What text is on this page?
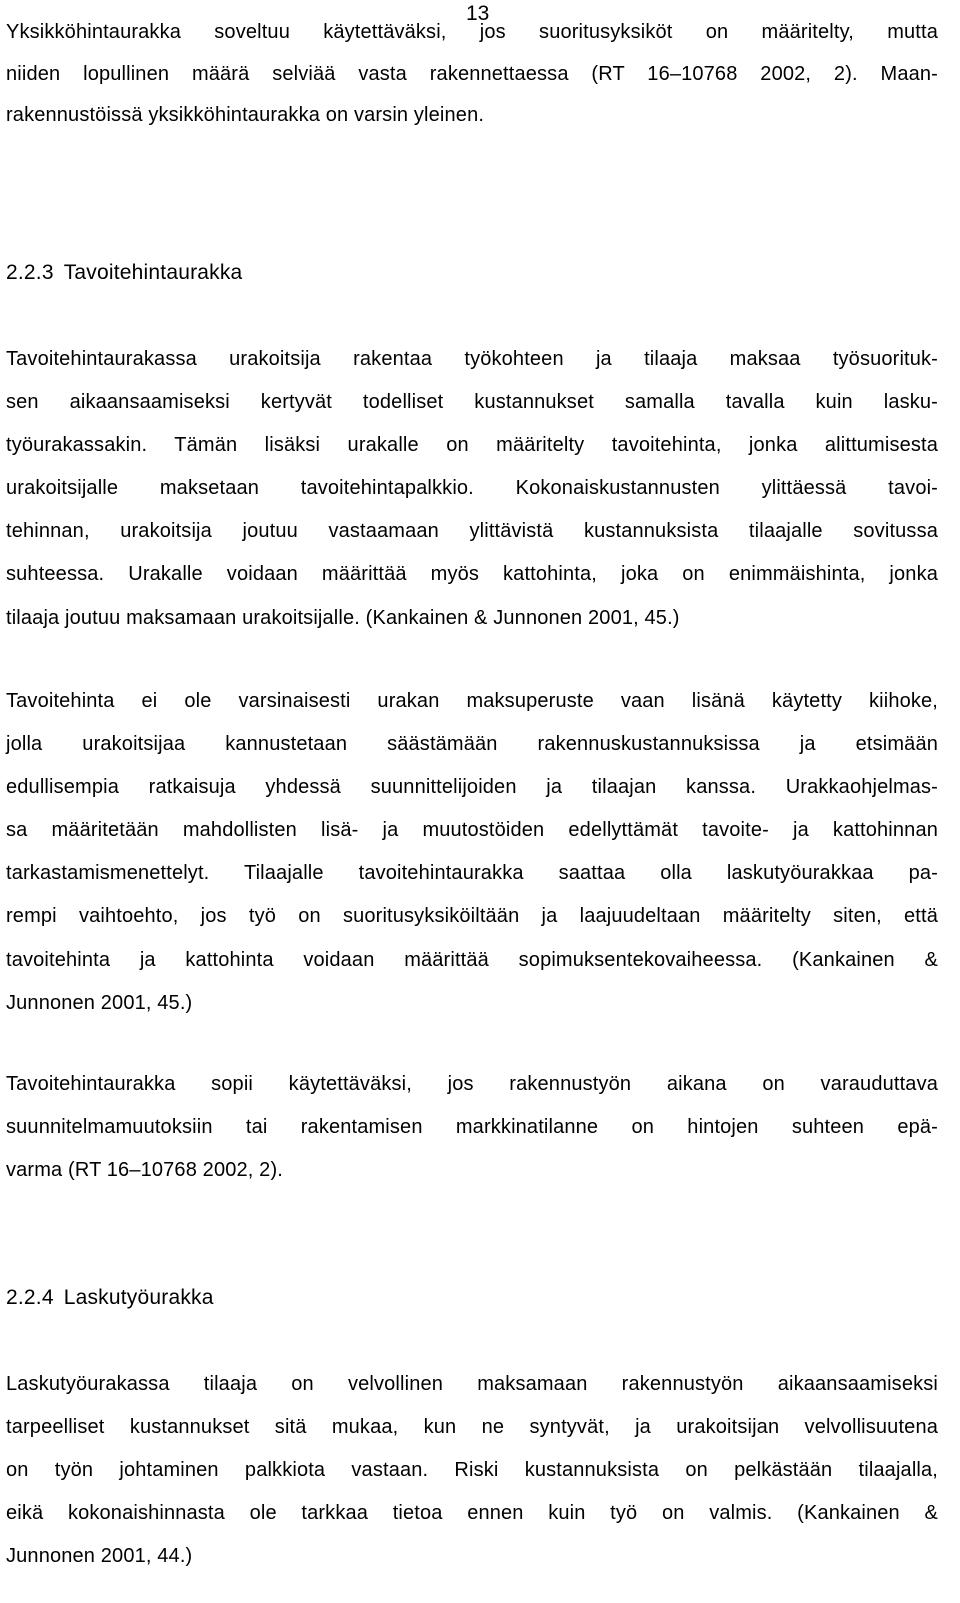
13
Yksikköhintaurakka soveltuu käytettäväksi, jos suoritusyksiköt on määritelty, mutta
niiden lopullinen määrä selviää vasta rakennettaessa (RT 16–10768 2002, 2). Maan-
rakennustöissä yksikköhintaurakka on varsin yleinen.
2.2.3 Tavoitehintaurakka
Tavoitehintaurakassa urakoitsija rakentaa työkohteen ja tilaaja maksaa työsuorituk-
sen aikaansaamiseksi kertyvät todelliset kustannukset samalla tavalla kuin lasku-
työurakassakin. Tämän lisäksi urakalle on määritelty tavoitehinta, jonka alittumisesta
urakoitsijalle maksetaan tavoitehintapalkkio. Kokonaiskustannusten ylittäessä tavoi-
tehinnan, urakoitsija joutuu vastaamaan ylittävistä kustannuksista tilaajalle sovitussa
suhteessa. Urakalle voidaan määrittää myös kattohinta, joka on enimmäishinta, jonka
tilaaja joutuu maksamaan urakoitsijalle. (Kankainen & Junnonen 2001, 45.)
Tavoitehinta ei ole varsinaisesti urakan maksuperuste vaan lisänä käytetty kiihoke,
jolla urakoitsijaa kannustetaan säästämään rakennuskustannuksissa ja etsimään
edullisempia ratkaisuja yhdessä suunnittelijoiden ja tilaajan kanssa. Urakkaohjelmas-
sa määritetään mahdollisten lisä- ja muutostöiden edellyttämät tavoite- ja kattohinnan
tarkastamismenettelyt. Tilaajalle tavoitehintaurakka saattaa olla laskutyöurakkaa pa-
rempi vaihtoehto, jos työ on suoritusyksiköiltään ja laajuudeltaan määritelty siten, että
tavoitehinta ja kattohinta voidaan määrittää sopimuksentekovaiheessa. (Kankainen &
Junnonen 2001, 45.)
Tavoitehintaurakka sopii käytettäväksi, jos rakennustyön aikana on varauduttava
suunnitelmamuutoksiin tai rakentamisen markkinatilanne on hintojen suhteen epä-
varma (RT 16–10768 2002, 2).
2.2.4 Laskutyöurakka
Laskutyöurakassa tilaaja on velvollinen maksamaan rakennustyön aikaansaamiseksi
tarpeelliset kustannukset sitä mukaa, kun ne syntyvät, ja urakoitsijan velvollisuutena
on työn johtaminen palkkiota vastaan. Riski kustannuksista on pelkästään tilaajalla,
eikä kokonaishinnasta ole tarkkaa tietoa ennen kuin työ on valmis. (Kankainen &
Junnonen 2001, 44.)
